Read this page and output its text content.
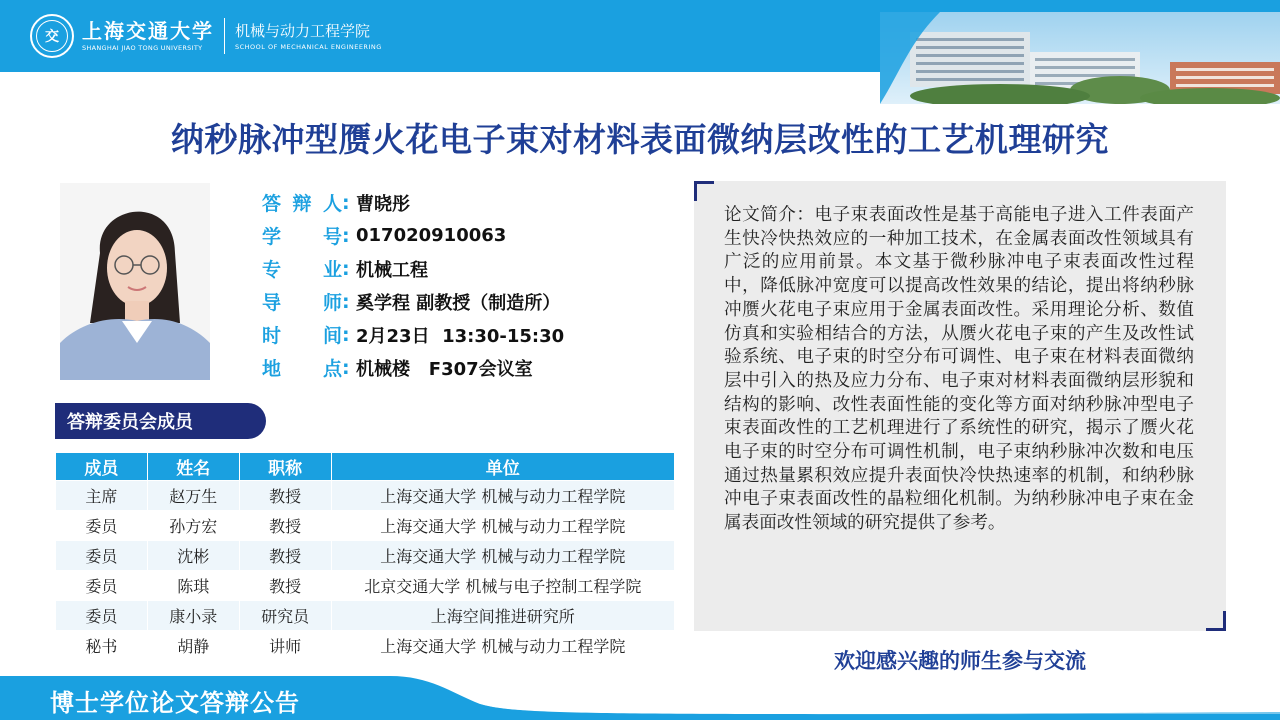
交	上海交通大学
SHANGHAI JIAO TONG UNIVERSITY
机械与动力工程学院
SCHOOL OF MECHANICAL ENGINEERING
纳秒脉冲型赝火花电子束对材料表面微纳层改性的工艺机理研究
答 辩 人 : 曹晓彤
学 号 : 017020910063
专 业 : 机械工程
导 师 : 奚学程 副教授（制造所）
时 间 : 2月23日  13:30-15:30
地 点 : 机械楼   F307会议室
答辩委员会成员
成员	姓名	职称	单位
主席	赵万生	教授	上海交通大学 机械与动力工程学院
委员	孙方宏	教授	上海交通大学 机械与动力工程学院
委员	沈彬	教授	上海交通大学 机械与动力工程学院
委员	陈琪	教授	北京交通大学 机械与电子控制工程学院
委员	康小录	研究员	上海空间推进研究所
秘书	胡静	讲师	上海交通大学 机械与动力工程学院
论文简介：电子束表面改性是基于高能电子进入工件表面产生快冷快热效应的一种加工技术，在金属表面改性领域具有广泛的应用前景。本文基于微秒脉冲电子束表面改性过程中，降低脉冲宽度可以提高改性效果的结论，提出将纳秒脉冲赝火花电子束应用于金属表面改性。采用理论分析、数值仿真和实验相结合的方法，从赝火花电子束的产生及改性试验系统、电子束的时空分布可调性、电子束在材料表面微纳层中引入的热及应力分布、电子束对材料表面微纳层形貌和结构的影响、改性表面性能的变化等方面对纳秒脉冲型电子束表面改性的工艺机理进行了系统性的研究，揭示了赝火花电子束的时空分布可调性机制，电子束纳秒脉冲次数和电压通过热量累积效应提升表面快冷快热速率的机制，和纳秒脉冲电子束表面改性的晶粒细化机制。为纳秒脉冲电子束在金属表面改性领域的研究提供了参考。
欢迎感兴趣的师生参与交流
博士学位论文答辩公告
